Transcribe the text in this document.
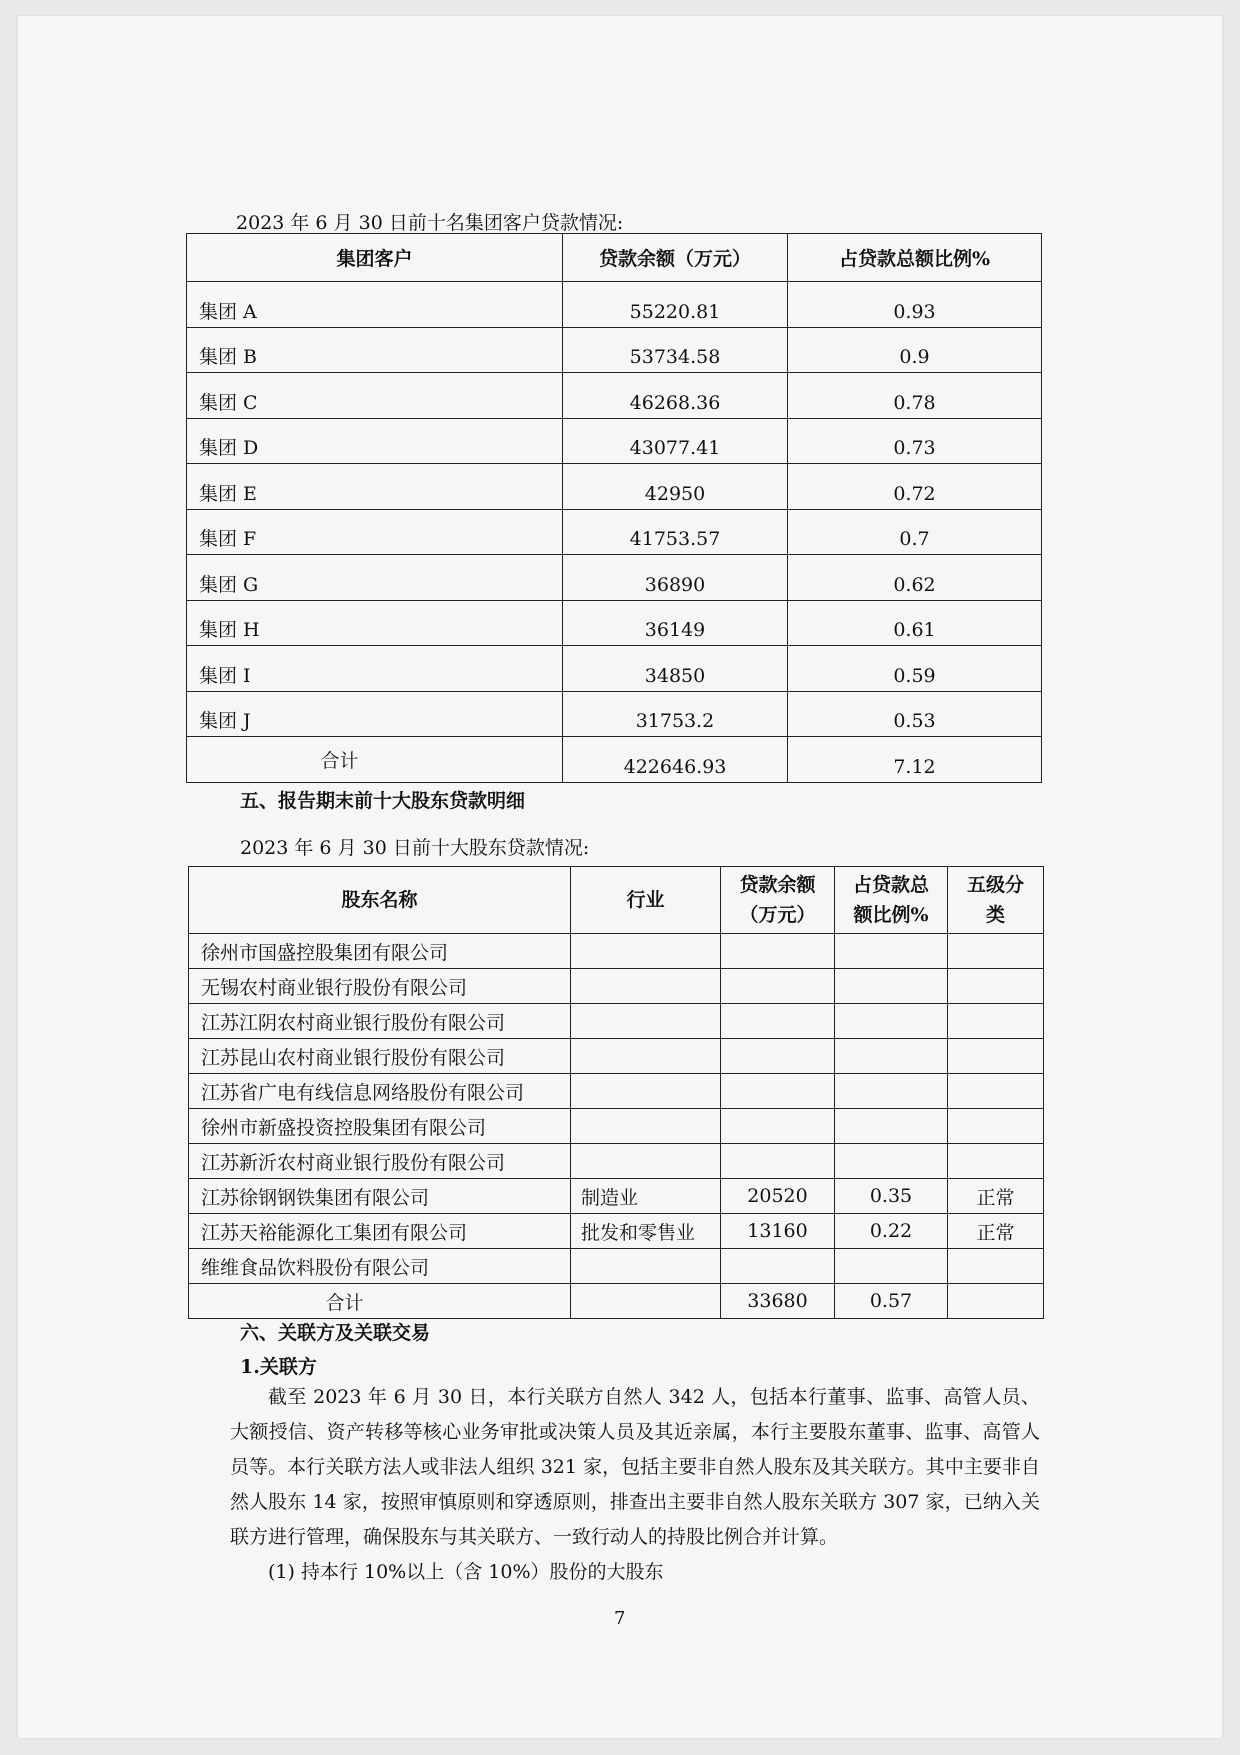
2023 年 6 月 30 日前十名集团客户贷款情况:
集团客户	贷款余额（万元）	占贷款总额比例%
集团 A	55220.81	0.93
集团 B	53734.58	0.9
集团 C	46268.36	0.78
集团 D	43077.41	0.73
集团 E	42950	0.72
集团 F	41753.57	0.7
集团 G	36890	0.62
集团 H	36149	0.61
集团 I	34850	0.59
集团 J	31753.2	0.53
合计	422646.93	7.12
五、报告期末前十大股东贷款明细
2023 年 6 月 30 日前十大股东贷款情况:
股东名称	行业	贷款余额（万元）	占贷款总额比例%	五级分类
徐州市国盛控股集团有限公司				
无锡农村商业银行股份有限公司				
江苏江阴农村商业银行股份有限公司				
江苏昆山农村商业银行股份有限公司				
江苏省广电有线信息网络股份有限公司				
徐州市新盛投资控股集团有限公司				
江苏新沂农村商业银行股份有限公司				
江苏徐钢钢铁集团有限公司	制造业	20520	0.35	正常
江苏天裕能源化工集团有限公司	批发和零售业	13160	0.22	正常
维维食品饮料股份有限公司				
合计		33680	0.57	
六、关联方及关联交易
1.关联方

截至 2023 年 6 月 30 日，本行关联方自然人 342 人，包括本行董事、监事、高管人员、大额授信、资产转移等核心业务审批或决策人员及其近亲属，本行主要股东董事、监事、高管人员等。本行关联方法人或非法人组织 321 家，包括主要非自然人股东及其关联方。其中主要非自然人股东 14 家，按照审慎原则和穿透原则，排查出主要非自然人股东关联方 307 家，已纳入关联方进行管理，确保股东与其关联方、一致行动人的持股比例合并计算。

(1) 持本行 10%以上（含 10%）股份的大股东

7
